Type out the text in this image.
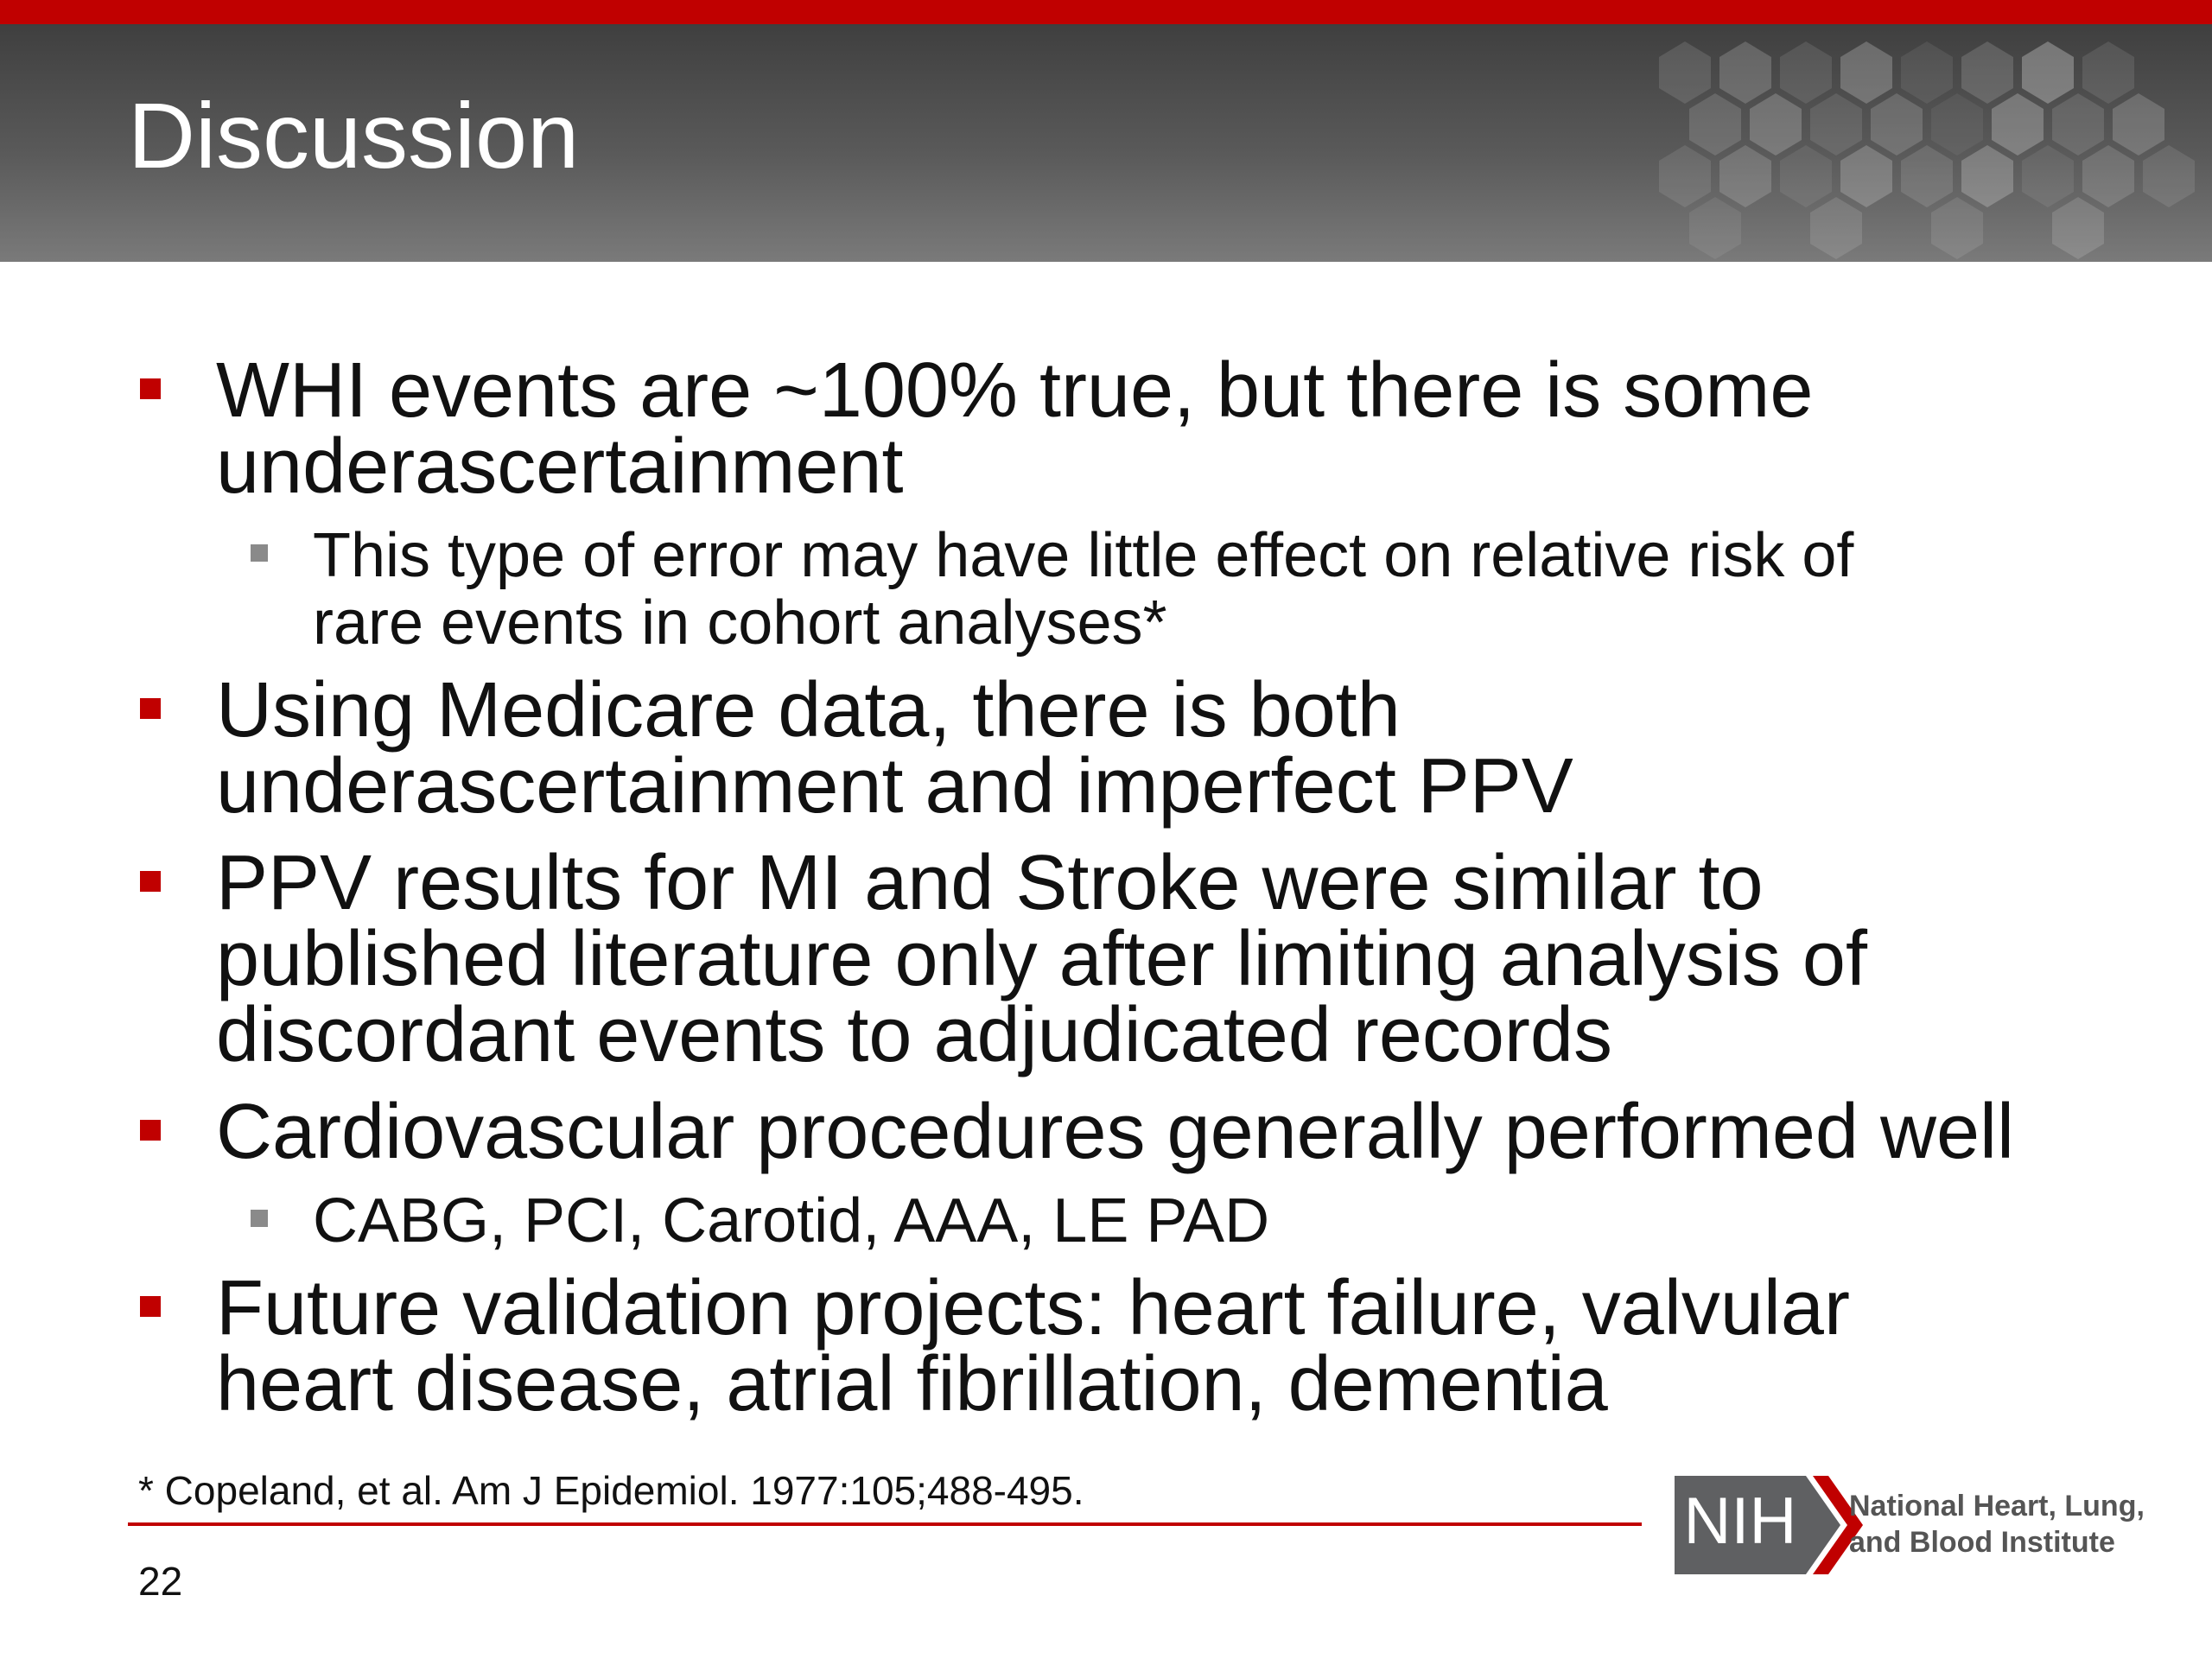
Discussion
WHI events are ~100% true, but there is some
underascertainment
This type of error may have little effect on relative risk of
rare events in cohort analyses*
Using Medicare data, there is both
underascertainment and imperfect PPV
PPV results for MI and Stroke were similar to
published literature only after limiting analysis of
discordant events to adjudicated records
Cardiovascular procedures generally performed well
CABG, PCI, Carotid, AAA, LE PAD
Future validation projects: heart failure, valvular
heart disease, atrial fibrillation, dementia
* Copeland, et al. Am J Epidemiol. 1977:105;488-495.
22
NIH National Heart, Lung,
and Blood Institute
